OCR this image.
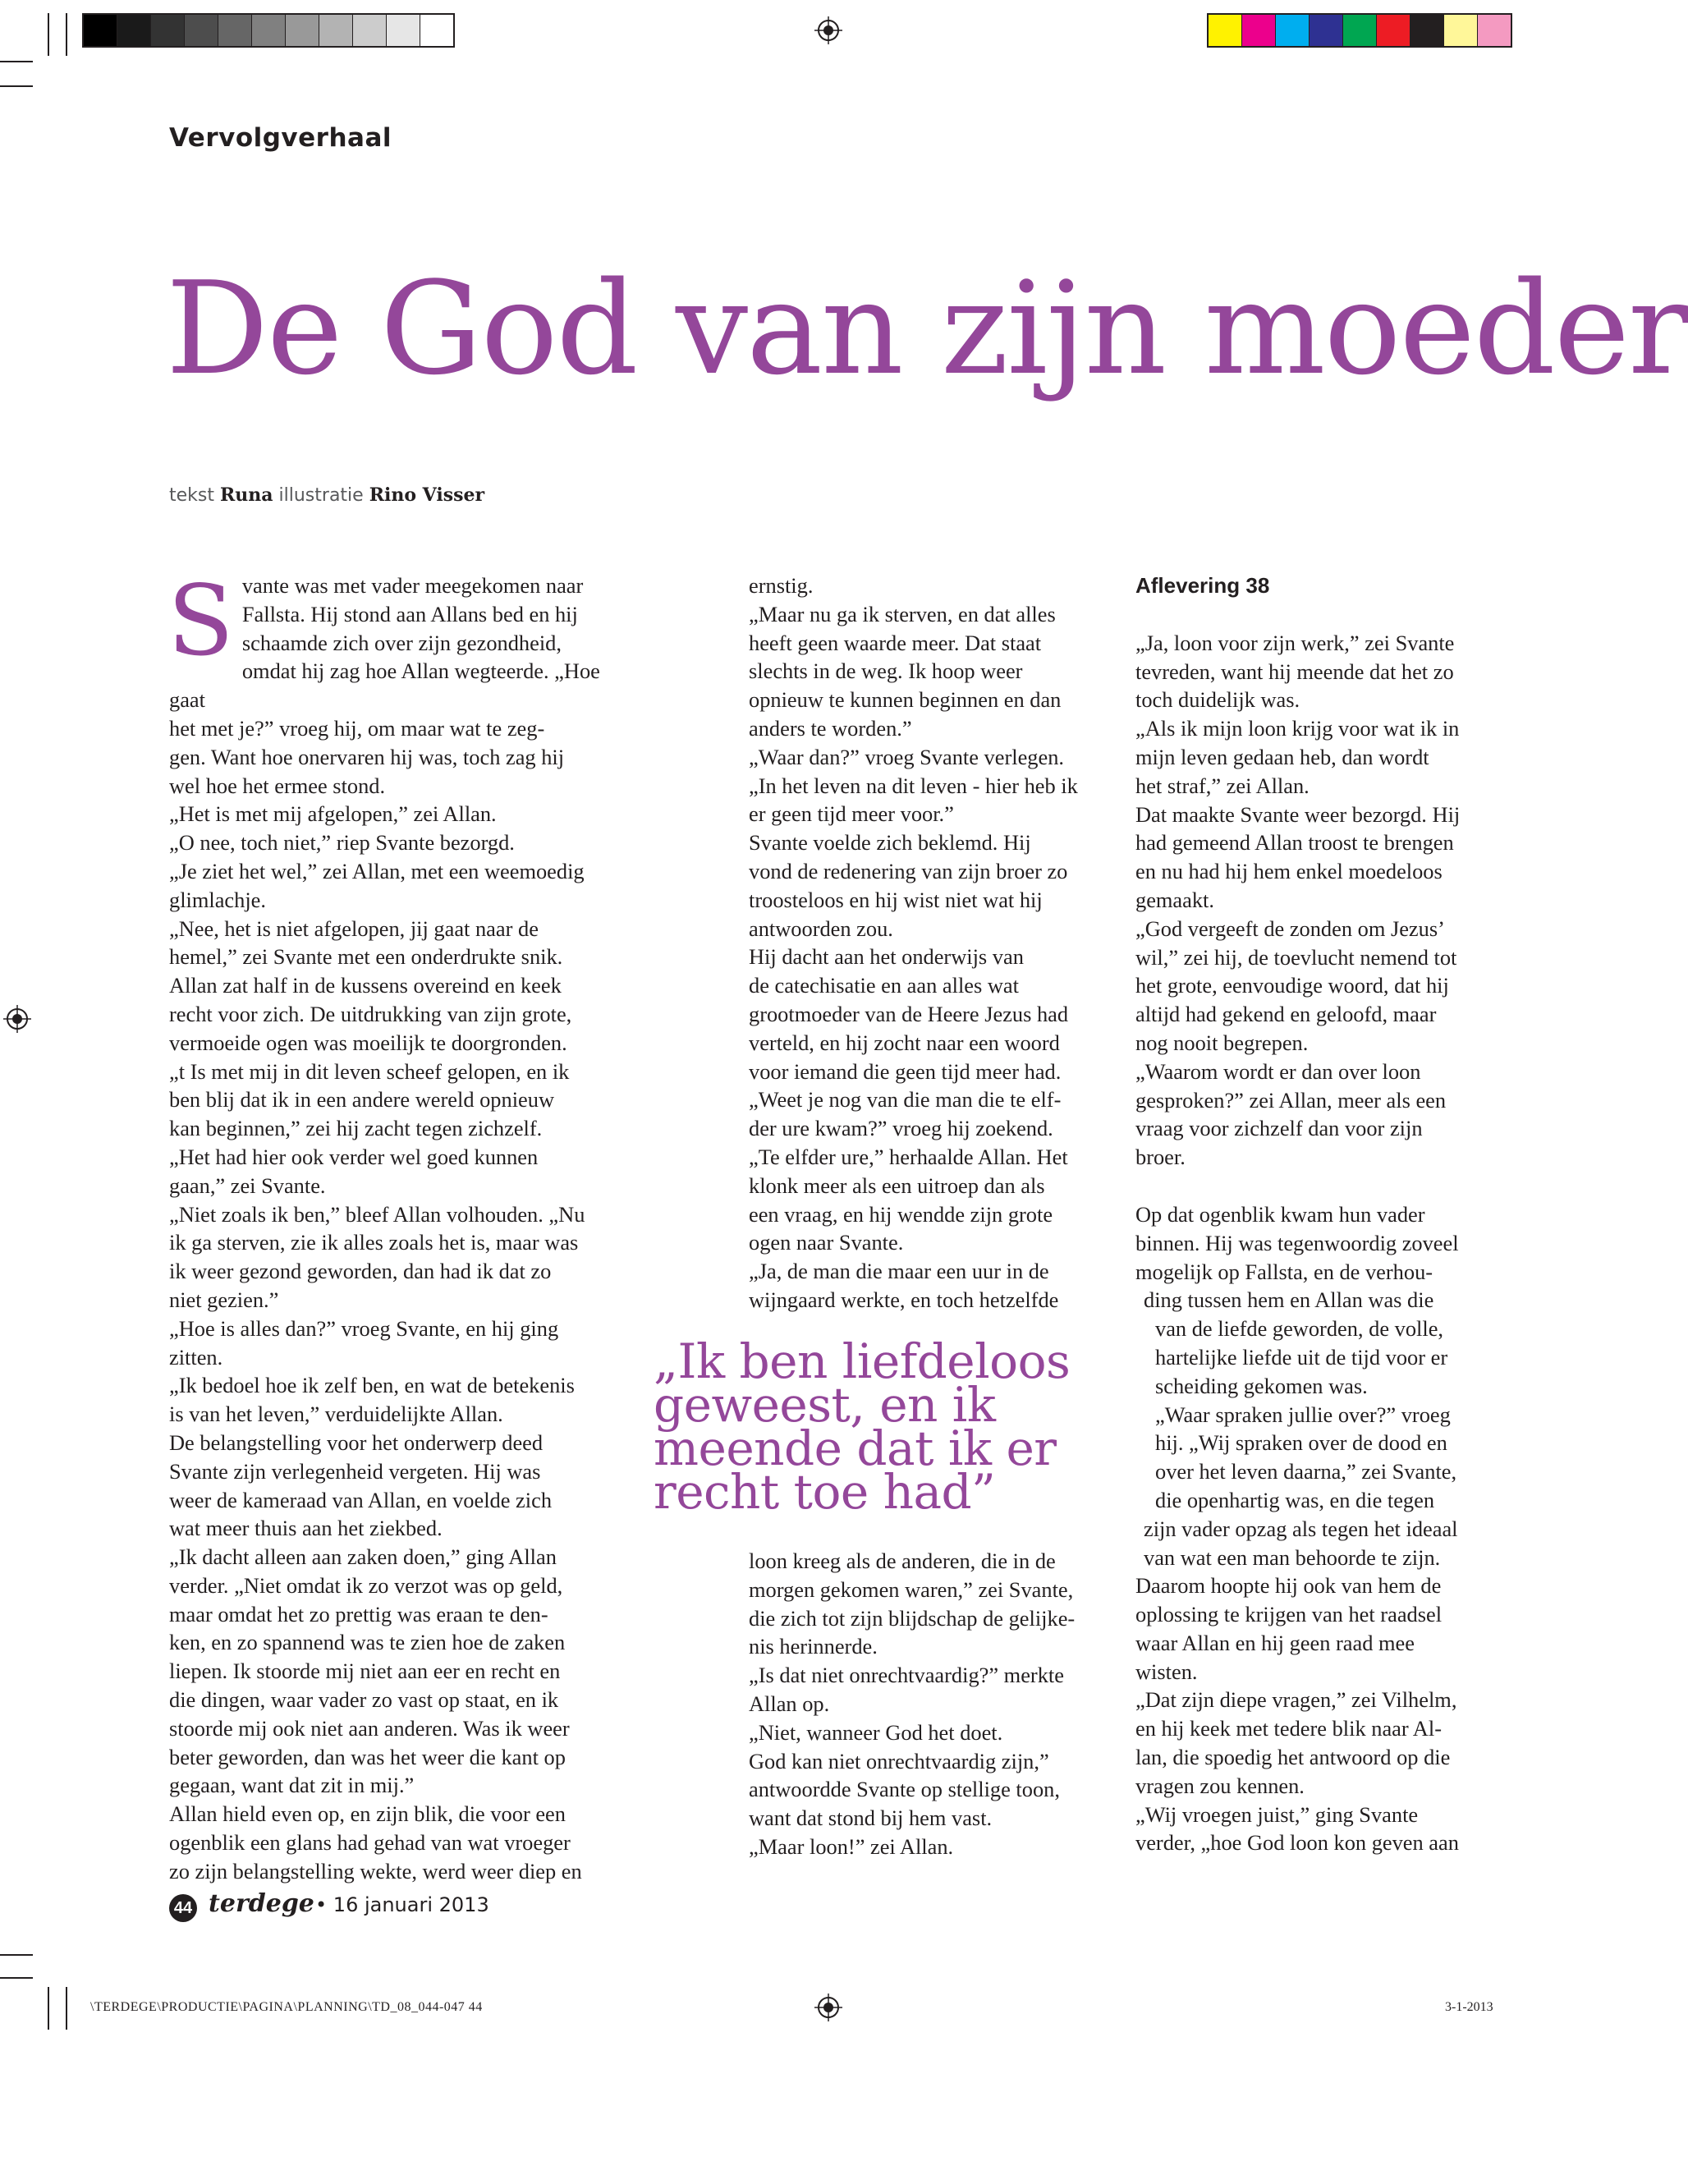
Vervolgverhaal
De God van zijn moeder
tekst Runa illustratie Rino Visser
S vante was met vader meegekomen naar

Fallsta. Hij stond aan Allans bed en hij

schaamde zich over zijn gezondheid,

omdat hij zag hoe Allan wegteerde. „Hoe gaat

het met je?” vroeg hij, om maar wat te zeg-

gen. Want hoe onervaren hij was, toch zag hij

wel hoe het ermee stond.

„Het is met mij afgelopen,” zei Allan.

„O nee, toch niet,” riep Svante bezorgd.

„Je ziet het wel,” zei Allan, met een weemoedig

glimlachje.

„Nee, het is niet afgelopen, jij gaat naar de

hemel,” zei Svante met een onderdrukte snik.

Allan zat half in de kussens overeind en keek

recht voor zich. De uitdrukking van zijn grote,

vermoeide ogen was moeilijk te doorgronden.

„t Is met mij in dit leven scheef gelopen, en ik

ben blij dat ik in een andere wereld opnieuw

kan beginnen,” zei hij zacht tegen zichzelf.

„Het had hier ook verder wel goed kunnen

gaan,” zei Svante.

„Niet zoals ik ben,” bleef Allan volhouden. „Nu

ik ga sterven, zie ik alles zoals het is, maar was

ik weer gezond geworden, dan had ik dat zo

niet gezien.”

„Hoe is alles dan?” vroeg Svante, en hij ging

zitten.

„Ik bedoel hoe ik zelf ben, en wat de betekenis

is van het leven,” verduidelijkte Allan.

De belangstelling voor het onderwerp deed

Svante zijn verlegenheid vergeten. Hij was

weer de kameraad van Allan, en voelde zich

wat meer thuis aan het ziekbed.

„Ik dacht alleen aan zaken doen,” ging Allan

verder. „Niet omdat ik zo verzot was op geld,

maar omdat het zo prettig was eraan te den-

ken, en zo spannend was te zien hoe de zaken

liepen. Ik stoorde mij niet aan eer en recht en

die dingen, waar vader zo vast op staat, en ik

stoorde mij ook niet aan anderen. Was ik weer

beter geworden, dan was het weer die kant op

gegaan, want dat zit in mij.”

Allan hield even op, en zijn blik, die voor een

ogenblik een glans had gehad van wat vroeger

zo zijn belangstelling wekte, werd weer diep en

ernstig.

„Maar nu ga ik sterven, en dat alles

heeft geen waarde meer. Dat staat

slechts in de weg. Ik hoop weer

opnieuw te kunnen beginnen en dan

anders te worden.”

„Waar dan?” vroeg Svante verlegen.

„In het leven na dit leven - hier heb ik

er geen tijd meer voor.”

Svante voelde zich beklemd. Hij

vond de redenering van zijn broer zo

troosteloos en hij wist niet wat hij

antwoorden zou.

Hij dacht aan het onderwijs van

de catechisatie en aan alles wat

grootmoeder van de Heere Jezus had

verteld, en hij zocht naar een woord

voor iemand die geen tijd meer had.

„Weet je nog van die man die te elf-

der ure kwam?” vroeg hij zoekend.

„Te elfder ure,” herhaalde Allan. Het

klonk meer als een uitroep dan als

een vraag, en hij wendde zijn grote

ogen naar Svante.

„Ja, de man die maar een uur in de

wijngaard werkte, en toch hetzelfde

„Ik ben liefdeloos
geweest, en ik
meende dat ik er
recht toe had”

loon kreeg als de anderen, die in de

morgen gekomen waren,” zei Svante,

die zich tot zijn blijdschap de gelijke-

nis herinnerde.

„Is dat niet onrechtvaardig?” merkte

Allan op.

„Niet, wanneer God het doet.

God kan niet onrechtvaardig zijn,”

antwoordde Svante op stellige toon,

want dat stond bij hem vast.

„Maar loon!” zei Allan.

Aflevering 38

„Ja, loon voor zijn werk,” zei Svante

tevreden, want hij meende dat het zo

toch duidelijk was.

„Als ik mijn loon krijg voor wat ik in

mijn leven gedaan heb, dan wordt

het straf,” zei Allan.

Dat maakte Svante weer bezorgd. Hij

had gemeend Allan troost te brengen

en nu had hij hem enkel moedeloos

gemaakt.

„God vergeeft de zonden om Jezus’

wil,” zei hij, de toevlucht nemend tot

het grote, eenvoudige woord, dat hij

altijd had gekend en geloofd, maar

nog nooit begrepen.

„Waarom wordt er dan over loon

gesproken?” zei Allan, meer als een

vraag voor zichzelf dan voor zijn

broer.

Op dat ogenblik kwam hun vader

binnen. Hij was tegenwoordig zoveel

mogelijk op Fallsta, en de verhou-

ding tussen hem en Allan was die

van de liefde geworden, de volle,

hartelijke liefde uit de tijd voor er

scheiding gekomen was.

„Waar spraken jullie over?” vroeg

hij. „Wij spraken over de dood en

over het leven daarna,” zei Svante,

die openhartig was, en die tegen

zijn vader opzag als tegen het ideaal

van wat een man behoorde te zijn.

Daarom hoopte hij ook van hem de

oplossing te krijgen van het raadsel

waar Allan en hij geen raad mee

wisten.

„Dat zijn diepe vragen,” zei Vilhelm,

en hij keek met tedere blik naar Al-

lan, die spoedig het antwoord op die

vragen zou kennen.

„Wij vroegen juist,” ging Svante

verder, „hoe God loon kon geven aan

44 terdege • 16 januari 2013
\TERDEGE\PRODUCTIE\PAGINA\PLANNING\TD_08_044-047 44	3-1-2013
